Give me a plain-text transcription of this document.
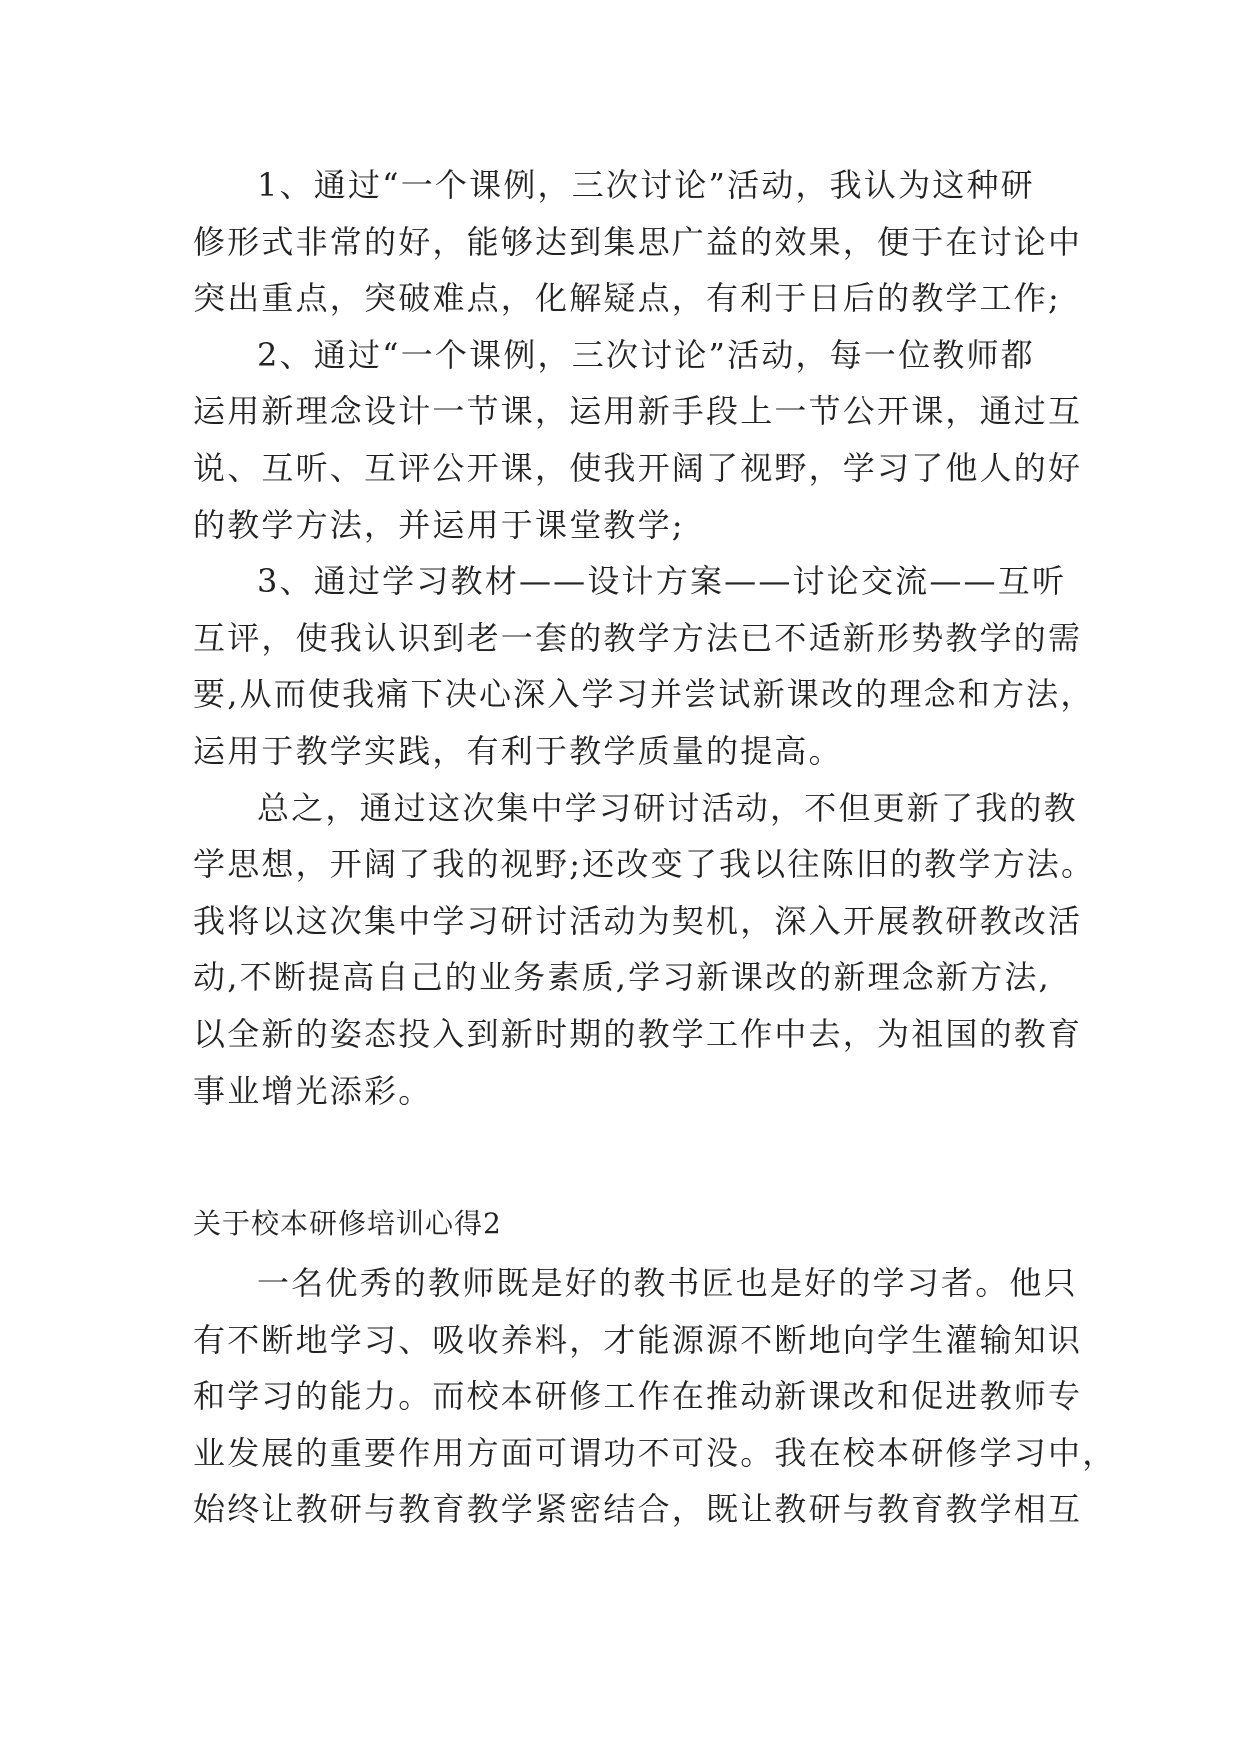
1、通过“一个课例，三次讨论”活动，我认为这种研
修形式非常的好，能够达到集思广益的效果，便于在讨论中
突出重点，突破难点，化解疑点，有利于日后的教学工作;
2、通过“一个课例，三次讨论”活动，每一位教师都
运用新理念设计一节课，运用新手段上一节公开课，通过互
说、互听、互评公开课，使我开阔了视野，学习了他人的好
的教学方法，并运用于课堂教学;
3、通过学习教材——设计方案——讨论交流——互听
互评，使我认识到老一套的教学方法已不适新形势教学的需
要,从而使我痛下决心深入学习并尝试新课改的理念和方法，
运用于教学实践，有利于教学质量的提高。
总之，通过这次集中学习研讨活动，不但更新了我的教
学思想，开阔了我的视野;还改变了我以往陈旧的教学方法。
我将以这次集中学习研讨活动为契机，深入开展教研教改活
动,不断提高自己的业务素质,学习新课改的新理念新方法,
以全新的姿态投入到新时期的教学工作中去，为祖国的教育
事业增光添彩。
关于校本研修培训心得2
一名优秀的教师既是好的教书匠也是好的学习者。他只
有不断地学习、吸收养料，才能源源不断地向学生灌输知识
和学习的能力。而校本研修工作在推动新课改和促进教师专
业发展的重要作用方面可谓功不可没。我在校本研修学习中，
始终让教研与教育教学紧密结合，既让教研与教育教学相互
